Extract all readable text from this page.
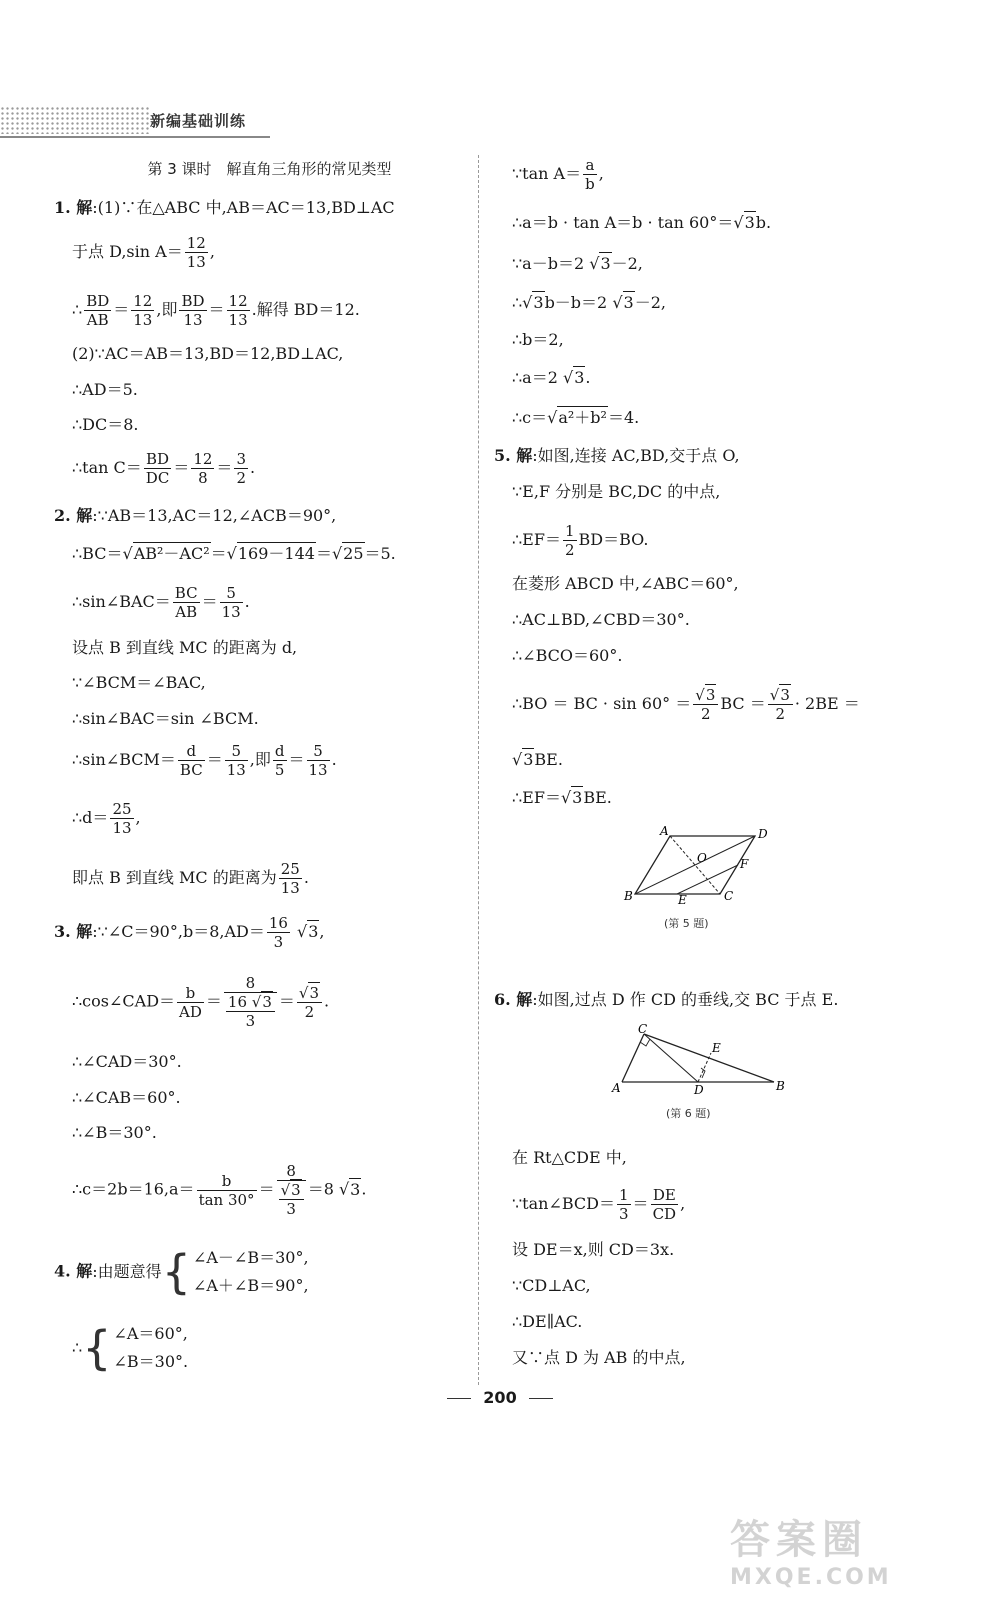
新编基础训练
第 3 课时　解直角三角形的常见类型
1. 解:(1)∵在△ABC 中,AB＝AC＝13,BD⊥AC
于点 D,sin $A= \frac{12}{13}$ ,
∴ $\frac{BD}{AB} = \frac{12}{13}$ ,即 $\frac{BD}{13} = \frac{12}{13}$ .解得 BD＝12.
(2)∵AC＝AB＝13,BD＝12,BD⊥AC,
∴AD＝5.
∴DC＝8.
∴tan $C= \frac{BD}{DC} = \frac{12}{8} = \frac{3}{2}$ .
2. 解:∵AB＝13,AC＝12,∠ACB＝90°,
∴BC＝√AB²－AC²＝√169－144＝√25＝5.
∴sin∠BAC＝ $\frac{BC}{AB} = \frac{5}{13}$ .
设点 B 到直线 MC 的距离为 d,
∵∠BCM＝∠BAC,
∴sin∠BAC＝sin ∠BCM.
∴sin∠BCM＝ $\frac{d}{BC} = \frac{5}{13}$ ,即 $\frac{d}{5} = \frac{5}{13}$ .
∴d＝ $\frac{25}{13}$ ,
即点 B 到直线 MC 的距离为 $\frac{25}{13}$ .
3. 解:∵∠C＝90°,b＝8,AD＝ $\frac{16}{3} √3$,
∴cos∠CAD＝ $\frac{b}{AD} = \frac{8}{\frac{16 √3}{3}} = \frac{√3}{2}$ .
∴∠CAD＝30°.
∴∠CAB＝60°.
∴∠B＝30°.
∴c＝2b＝16,a＝ $\frac{b}{\tan 30^\circ} = \frac{8}{\frac{√3}{3}} =8$ √3.
4. 解:由题意得 { ∠A－∠B＝30°,
∠A＋∠B＝90°,
∴ { ∠A＝60°,
∠B＝30°.
∵tan $A= \frac{a}{b}$ ,
∴a＝b · tan A＝b · tan 60°＝√3b.
∵a－b＝2 √3－2,
∴√3b－b＝2 √3－2,
∴b＝2,
∴a＝2 √3.
∴c＝√a²＋b²＝4.
5. 解:如图,连接 AC,BD,交于点 O,
∵E,F 分别是 BC,DC 的中点,
∴EF＝ $\frac{1}{2} BD=BO$.
在菱形 ABCD 中,∠ABC＝60°,
∴AC⊥BD,∠CBD＝30°.
∴∠BCO＝60°.
∴BO ＝ BC · $\sin 60^\circ = \frac{√3}{2}$ BC ＝ $\frac{√3}{2} \cdot 2BE$ ＝
√3BE.
∴EF＝√3BE.
A	D
B	C
O
E
F
(第 5 题)
6. 解:如图,过点 D 作 CD 的垂线,交 BC 于点 E.
A
C
D
E
B
(第 6 题)
在 Rt△CDE 中,
∵tan∠BCD＝ $\frac{1}{3} = \frac{DE}{CD}$ ,
设 DE＝x,则 CD＝3x.
∵CD⊥AC,
∴DE∥AC.
又∵点 D 为 AB 的中点,
200
答案圈
MXQE.COM
